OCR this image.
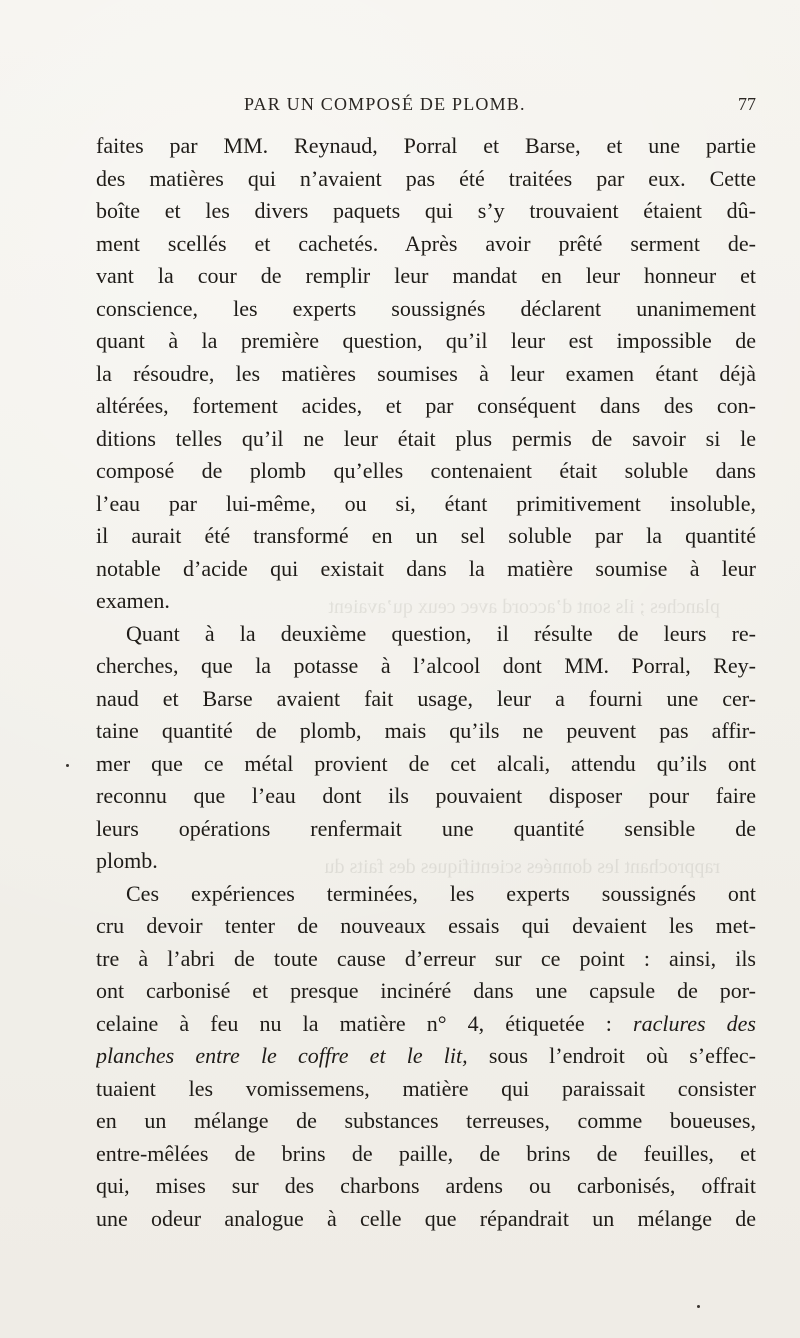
planches ; ils sont d’accord avec ceux qu’avaient
rapprochant les données scientifiques des faits du
PAR UN COMPOSÉ DE PLOMB.	77
faites par MM. Reynaud, Porral et Barse, et une partie
des matières qui n’avaient pas été traitées par eux. Cette
boîte et les divers paquets qui s’y trouvaient étaient dû-
ment scellés et cachetés. Après avoir prêté serment de-
vant la cour de remplir leur mandat en leur honneur et
conscience, les experts soussignés déclarent unanimement
quant à la première question, qu’il leur est impossible de
la résoudre, les matières soumises à leur examen étant déjà
altérées, fortement acides, et par conséquent dans des con-
ditions telles qu’il ne leur était plus permis de savoir si le
composé de plomb qu’elles contenaient était soluble dans
l’eau par lui-même, ou si, étant primitivement insoluble,
il aurait été transformé en un sel soluble par la quantité
notable d’acide qui existait dans la matière soumise à leur
examen.
Quant à la deuxième question, il résulte de leurs re-
cherches, que la potasse à l’alcool dont MM. Porral, Rey-
naud et Barse avaient fait usage, leur a fourni une cer-
taine quantité de plomb, mais qu’ils ne peuvent pas affir-
mer que ce métal provient de cet alcali, attendu qu’ils ont
reconnu que l’eau dont ils pouvaient disposer pour faire
leurs opérations renfermait une quantité sensible de
plomb.
Ces expériences terminées, les experts soussignés ont
cru devoir tenter de nouveaux essais qui devaient les met-
tre à l’abri de toute cause d’erreur sur ce point : ainsi, ils
ont carbonisé et presque incinéré dans une capsule de por-
celaine à feu nu la matière n° 4, étiquetée : raclures des
planches entre le coffre et le lit, sous l’endroit où s’effec-
tuaient les vomissemens, matière qui paraissait consister
en un mélange de substances terreuses, comme boueuses,
entre-mêlées de brins de paille, de brins de feuilles, et
qui, mises sur des charbons ardens ou carbonisés, offrait
une odeur analogue à celle que répandrait un mélange de
